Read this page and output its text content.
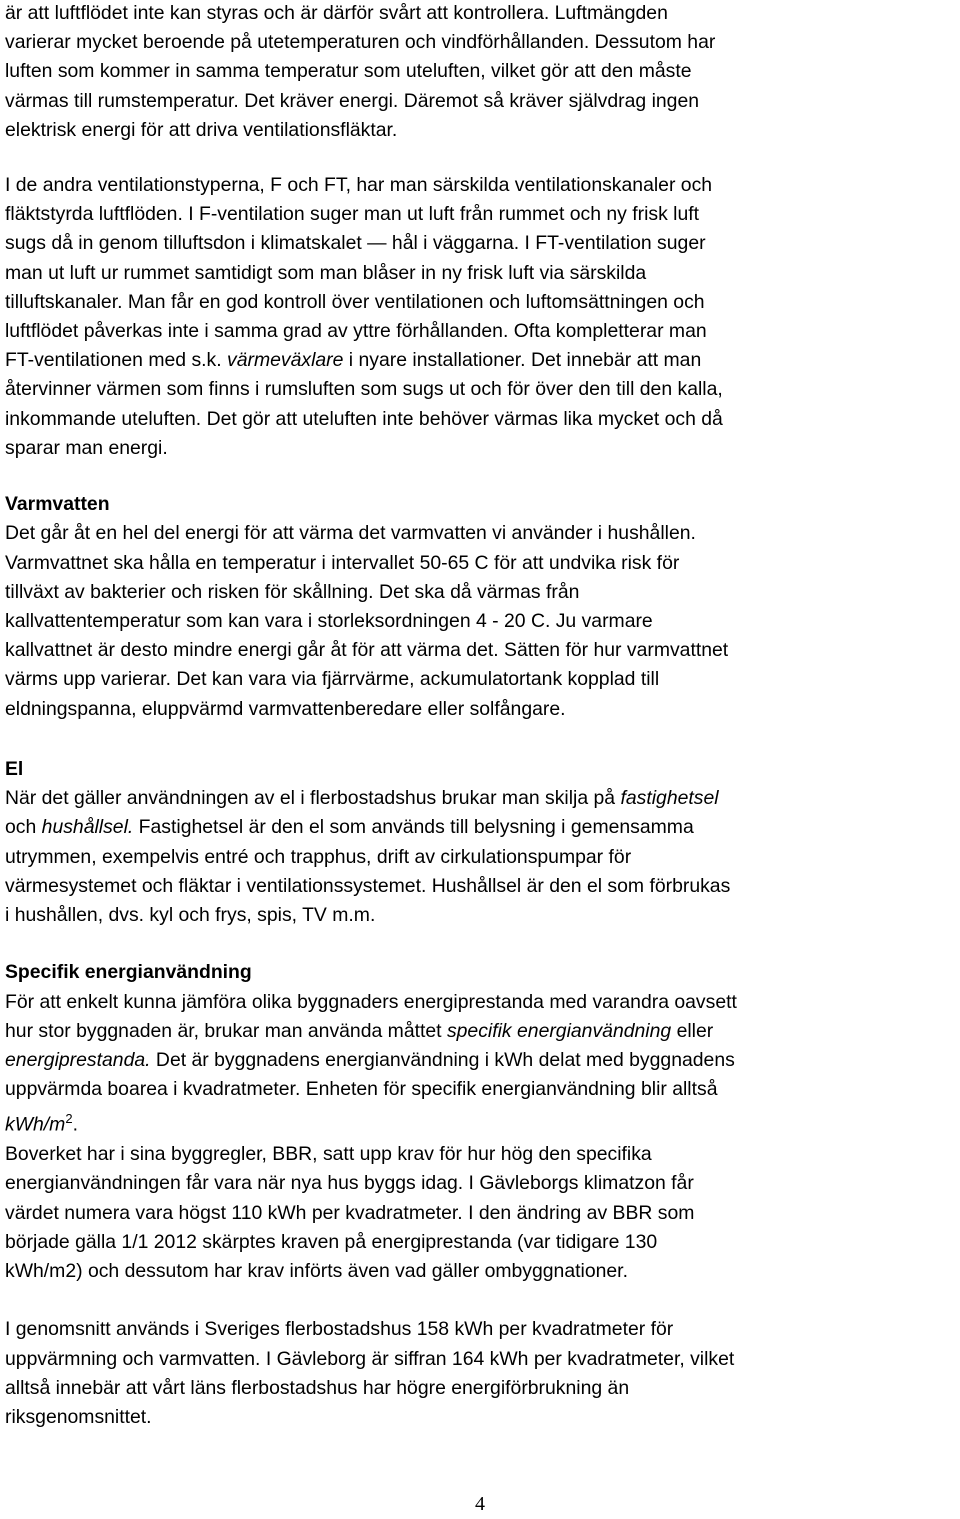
är att luftflödet inte kan styras och är därför svårt att kontrollera. Luftmängden
varierar mycket beroende på utetemperaturen och vindförhållanden. Dessutom har
luften som kommer in samma temperatur som uteluften, vilket gör att den måste
värmas till rumstemperatur. Det kräver energi. Däremot så kräver självdrag ingen
elektrisk energi för att driva ventilationsfläktar.

I de andra ventilationstyperna, F och FT, har man särskilda ventilationskanaler och
fläktstyrda luftflöden. I F-ventilation suger man ut luft från rummet och ny frisk luft
sugs då in genom tilluftsdon i klimatskalet — hål i väggarna. I FT-ventilation suger
man ut luft ur rummet samtidigt som man blåser in ny frisk luft via särskilda
tilluftskanaler. Man får en god kontroll över ventilationen och luftomsättningen och
luftflödet påverkas inte i samma grad av yttre förhållanden. Ofta kompletterar man
FT-ventilationen med s.k. värmeväxlare i nyare installationer. Det innebär att man
återvinner värmen som finns i rumsluften som sugs ut och för över den till den kalla,
inkommande uteluften. Det gör att uteluften inte behöver värmas lika mycket och då
sparar man energi.

Varmvatten

Det går åt en hel del energi för att värma det varmvatten vi använder i hushållen.
Varmvattnet ska hålla en temperatur i intervallet 50-65 C för att undvika risk för
tillväxt av bakterier och risken för skållning. Det ska då värmas från
kallvattentemperatur som kan vara i storleksordningen 4 - 20 C. Ju varmare
kallvattnet är desto mindre energi går åt för att värma det. Sätten för hur varmvattnet
värms upp varierar. Det kan vara via fjärrvärme, ackumulatortank kopplad till
eldningspanna, eluppvärmd varmvattenberedare eller solfångare.

El

När det gäller användningen av el i flerbostadshus brukar man skilja på fastighetsel
och hushållsel. Fastighetsel är den el som används till belysning i gemensamma
utrymmen, exempelvis entré och trapphus, drift av cirkulationspumpar för
värmesystemet och fläktar i ventilationssystemet. Hushållsel är den el som förbrukas
i hushållen, dvs. kyl och frys, spis, TV m.m.

Specifik energianvändning

För att enkelt kunna jämföra olika byggnaders energiprestanda med varandra oavsett
hur stor byggnaden är, brukar man använda måttet specifik energianvändning eller
energiprestanda. Det är byggnadens energianvändning i kWh delat med byggnadens
uppvärmda boarea i kvadratmeter. Enheten för specifik energianvändning blir alltså
kWh/$m^2$.
Boverket har i sina byggregler, BBR, satt upp krav för hur hög den specifika
energianvändningen får vara när nya hus byggs idag. I Gävleborgs klimatzon får
värdet numera vara högst 110 kWh per kvadratmeter. I den ändring av BBR som
började gälla 1/1 2012 skärptes kraven på energiprestanda (var tidigare 130
kWh/m2) och dessutom har krav införts även vad gäller ombyggnationer.

I genomsnitt används i Sveriges flerbostadshus 158 kWh per kvadratmeter för
uppvärmning och varmvatten. I Gävleborg är siffran 164 kWh per kvadratmeter, vilket
alltså innebär att vårt läns flerbostadshus har högre energiförbrukning än
riksgenomsnittet.

4
